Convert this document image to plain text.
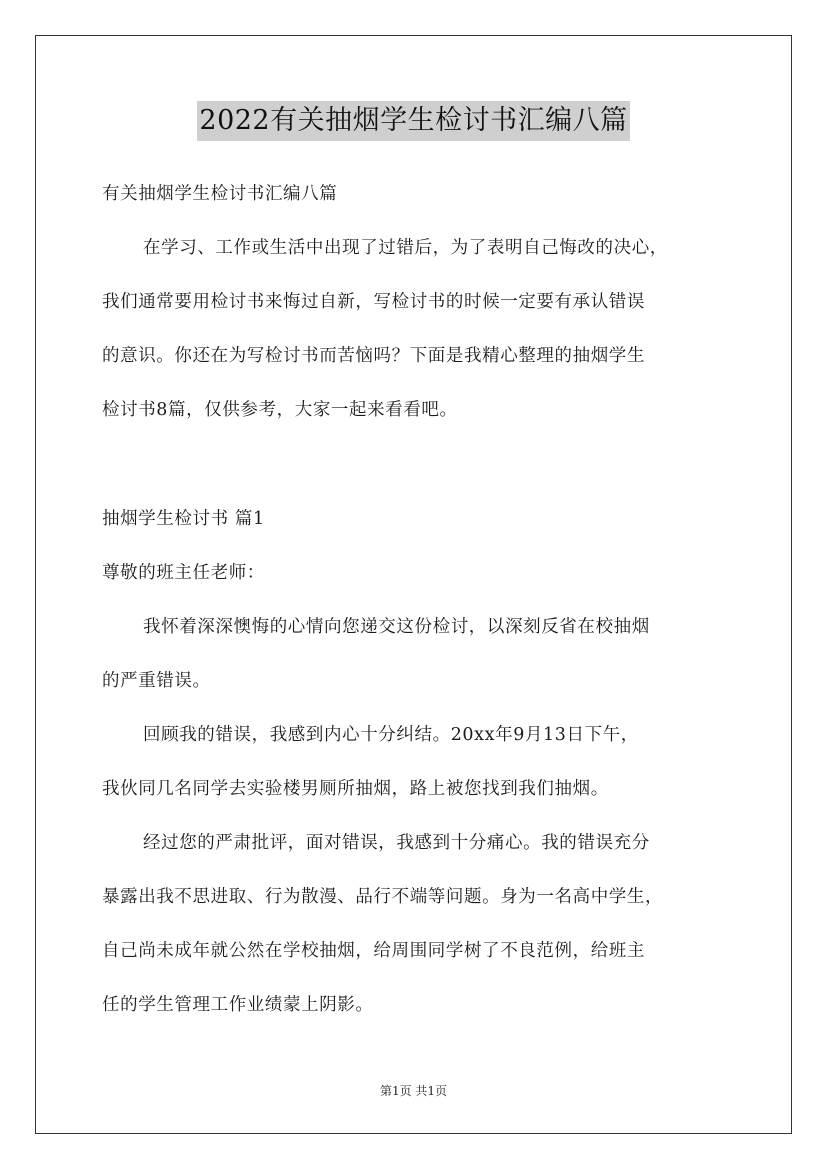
2022有关抽烟学生检讨书汇编八篇
有关抽烟学生检讨书汇编八篇
在学习、工作或生活中出现了过错后，为了表明自己悔改的决心，
我们通常要用检讨书来悔过自新，写检讨书的时候一定要有承认错误
的意识。你还在为写检讨书而苦恼吗？下面是我精心整理的抽烟学生
检讨书8篇，仅供参考，大家一起来看看吧。
抽烟学生检讨书 篇1
尊敬的班主任老师：
我怀着深深懊悔的心情向您递交这份检讨，以深刻反省在校抽烟
的严重错误。
回顾我的错误，我感到内心十分纠结。20xx年9月13日下午，
我伙同几名同学去实验楼男厕所抽烟，路上被您找到我们抽烟。
经过您的严肃批评，面对错误，我感到十分痛心。我的错误充分
暴露出我不思进取、行为散漫、品行不端等问题。身为一名高中学生，
自己尚未成年就公然在学校抽烟，给周围同学树了不良范例，给班主
任的学生管理工作业绩蒙上阴影。
第1页 共1页
